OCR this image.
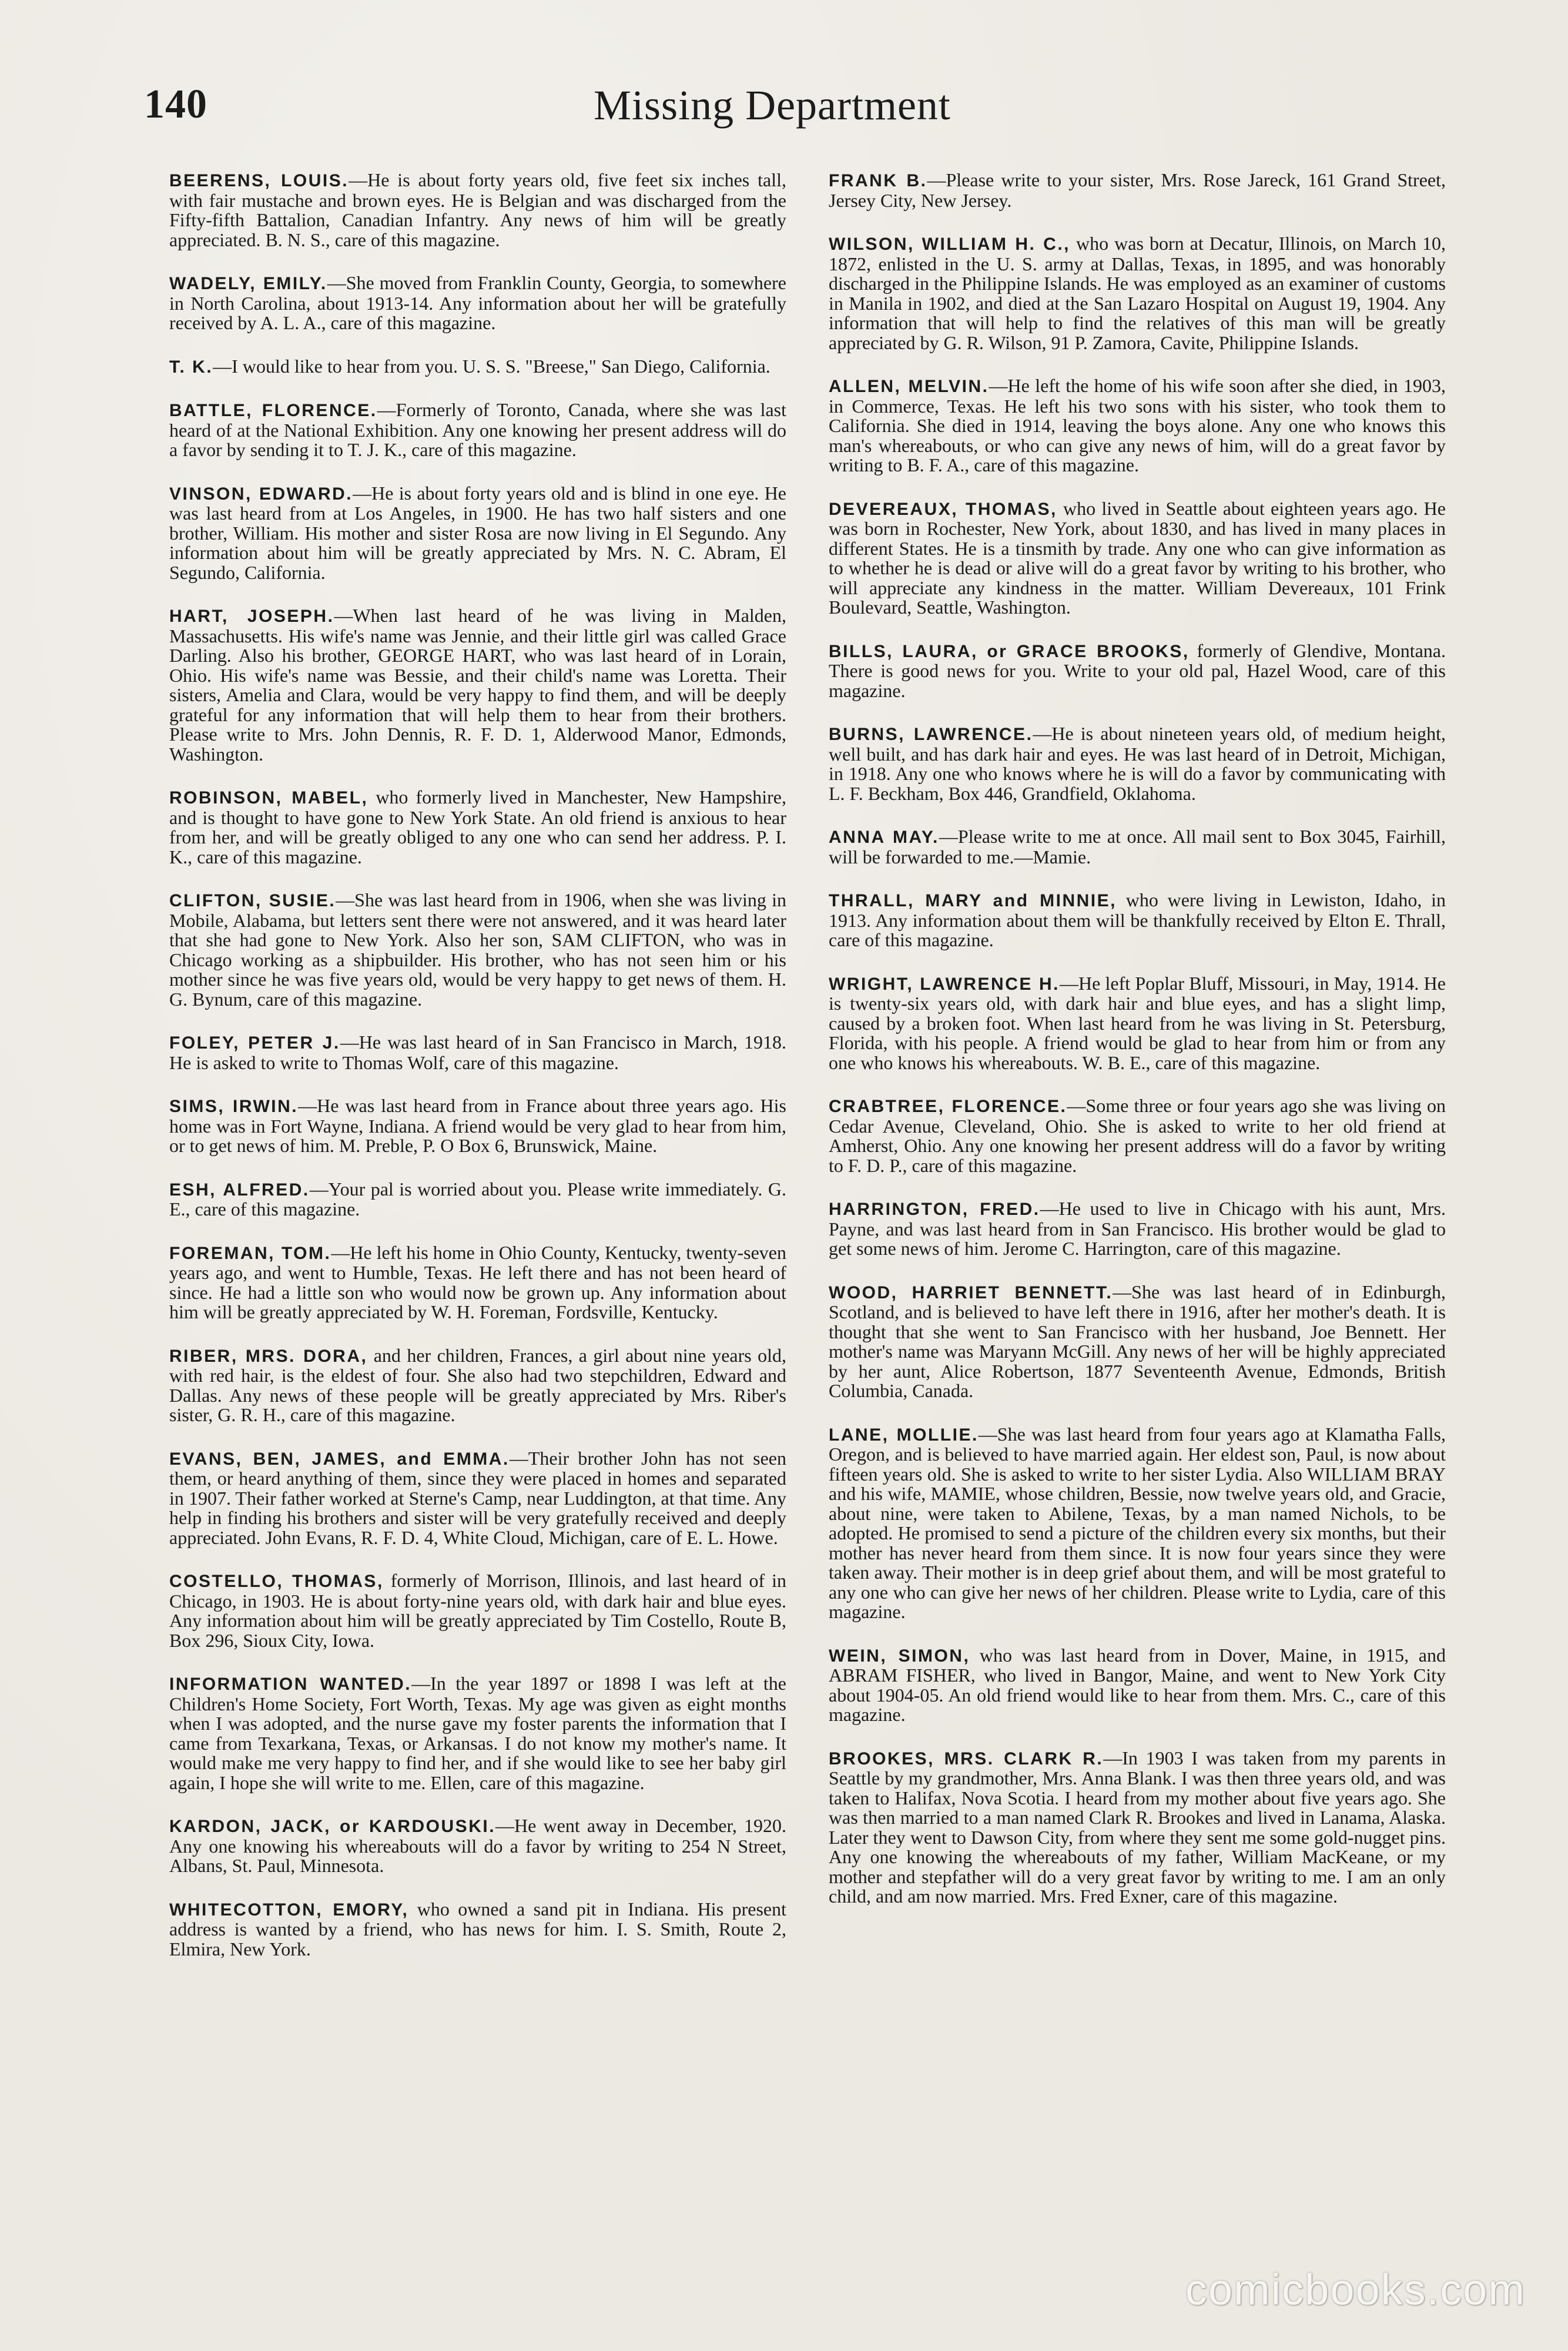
140	Missing Department

BEERENS, LOUIS.—He is about forty years old, five feet six inches tall, with fair mustache and brown eyes. He is Belgian and was discharged from the Fifty-fifth Battalion, Canadian Infantry. Any news of him will be greatly appreciated. B. N. S., care of this magazine.

WADELY, EMILY.—She moved from Franklin County, Georgia, to somewhere in North Carolina, about 1913-14. Any information about her will be gratefully received by A. L. A., care of this magazine.

T. K.—I would like to hear from you. U. S. S. "Breese," San Diego, California.

BATTLE, FLORENCE.—Formerly of Toronto, Canada, where she was last heard of at the National Exhibition. Any one knowing her present address will do a favor by sending it to T. J. K., care of this magazine.

VINSON, EDWARD.—He is about forty years old and is blind in one eye. He was last heard from at Los Angeles, in 1900. He has two half sisters and one brother, William. His mother and sister Rosa are now living in El Segundo. Any information about him will be greatly appreciated by Mrs. N. C. Abram, El Segundo, California.

HART, JOSEPH.—When last heard of he was living in Malden, Massachusetts. His wife's name was Jennie, and their little girl was called Grace Darling. Also his brother, GEORGE HART, who was last heard of in Lorain, Ohio. His wife's name was Bessie, and their child's name was Loretta. Their sisters, Amelia and Clara, would be very happy to find them, and will be deeply grateful for any information that will help them to hear from their brothers. Please write to Mrs. John Dennis, R. F. D. 1, Alderwood Manor, Edmonds, Washington.

ROBINSON, MABEL, who formerly lived in Manchester, New Hampshire, and is thought to have gone to New York State. An old friend is anxious to hear from her, and will be greatly obliged to any one who can send her address. P. I. K., care of this magazine.

CLIFTON, SUSIE.—She was last heard from in 1906, when she was living in Mobile, Alabama, but letters sent there were not answered, and it was heard later that she had gone to New York. Also her son, SAM CLIFTON, who was in Chicago working as a shipbuilder. His brother, who has not seen him or his mother since he was five years old, would be very happy to get news of them. H. G. Bynum, care of this magazine.

FOLEY, PETER J.—He was last heard of in San Francisco in March, 1918. He is asked to write to Thomas Wolf, care of this magazine.

SIMS, IRWIN.—He was last heard from in France about three years ago. His home was in Fort Wayne, Indiana. A friend would be very glad to hear from him, or to get news of him. M. Preble, P. O Box 6, Brunswick, Maine.

ESH, ALFRED.—Your pal is worried about you. Please write immediately. G. E., care of this magazine.

FOREMAN, TOM.—He left his home in Ohio County, Kentucky, twenty-seven years ago, and went to Humble, Texas. He left there and has not been heard of since. He had a little son who would now be grown up. Any information about him will be greatly appreciated by W. H. Foreman, Fordsville, Kentucky.

RIBER, MRS. DORA, and her children, Frances, a girl about nine years old, with red hair, is the eldest of four. She also had two stepchildren, Edward and Dallas. Any news of these people will be greatly appreciated by Mrs. Riber's sister, G. R. H., care of this magazine.

EVANS, BEN, JAMES, and EMMA.—Their brother John has not seen them, or heard anything of them, since they were placed in homes and separated in 1907. Their father worked at Sterne's Camp, near Luddington, at that time. Any help in finding his brothers and sister will be very gratefully received and deeply appreciated. John Evans, R. F. D. 4, White Cloud, Michigan, care of E. L. Howe.

COSTELLO, THOMAS, formerly of Morrison, Illinois, and last heard of in Chicago, in 1903. He is about forty-nine years old, with dark hair and blue eyes. Any information about him will be greatly appreciated by Tim Costello, Route B, Box 296, Sioux City, Iowa.

INFORMATION WANTED.—In the year 1897 or 1898 I was left at the Children's Home Society, Fort Worth, Texas. My age was given as eight months when I was adopted, and the nurse gave my foster parents the information that I came from Texarkana, Texas, or Arkansas. I do not know my mother's name. It would make me very happy to find her, and if she would like to see her baby girl again, I hope she will write to me. Ellen, care of this magazine.

KARDON, JACK, or KARDOUSKI.—He went away in December, 1920. Any one knowing his whereabouts will do a favor by writing to 254 N Street, Albans, St. Paul, Minnesota.

WHITECOTTON, EMORY, who owned a sand pit in Indiana. His present address is wanted by a friend, who has news for him. I. S. Smith, Route 2, Elmira, New York.

FRANK B.—Please write to your sister, Mrs. Rose Jareck, 161 Grand Street, Jersey City, New Jersey.

WILSON, WILLIAM H. C., who was born at Decatur, Illinois, on March 10, 1872, enlisted in the U. S. army at Dallas, Texas, in 1895, and was honorably discharged in the Philippine Islands. He was employed as an examiner of customs in Manila in 1902, and died at the San Lazaro Hospital on August 19, 1904. Any information that will help to find the relatives of this man will be greatly appreciated by G. R. Wilson, 91 P. Zamora, Cavite, Philippine Islands.

ALLEN, MELVIN.—He left the home of his wife soon after she died, in 1903, in Commerce, Texas. He left his two sons with his sister, who took them to California. She died in 1914, leaving the boys alone. Any one who knows this man's whereabouts, or who can give any news of him, will do a great favor by writing to B. F. A., care of this magazine.

DEVEREAUX, THOMAS, who lived in Seattle about eighteen years ago. He was born in Rochester, New York, about 1830, and has lived in many places in different States. He is a tinsmith by trade. Any one who can give information as to whether he is dead or alive will do a great favor by writing to his brother, who will appreciate any kindness in the matter. William Devereaux, 101 Frink Boulevard, Seattle, Washington.

BILLS, LAURA, or GRACE BROOKS, formerly of Glendive, Montana. There is good news for you. Write to your old pal, Hazel Wood, care of this magazine.

BURNS, LAWRENCE.—He is about nineteen years old, of medium height, well built, and has dark hair and eyes. He was last heard of in Detroit, Michigan, in 1918. Any one who knows where he is will do a favor by communicating with L. F. Beckham, Box 446, Grandfield, Oklahoma.

ANNA MAY.—Please write to me at once. All mail sent to Box 3045, Fairhill, will be forwarded to me.—Mamie.

THRALL, MARY and MINNIE, who were living in Lewiston, Idaho, in 1913. Any information about them will be thankfully received by Elton E. Thrall, care of this magazine.

WRIGHT, LAWRENCE H.—He left Poplar Bluff, Missouri, in May, 1914. He is twenty-six years old, with dark hair and blue eyes, and has a slight limp, caused by a broken foot. When last heard from he was living in St. Petersburg, Florida, with his people. A friend would be glad to hear from him or from any one who knows his whereabouts. W. B. E., care of this magazine.

CRABTREE, FLORENCE.—Some three or four years ago she was living on Cedar Avenue, Cleveland, Ohio. She is asked to write to her old friend at Amherst, Ohio. Any one knowing her present address will do a favor by writing to F. D. P., care of this magazine.

HARRINGTON, FRED.—He used to live in Chicago with his aunt, Mrs. Payne, and was last heard from in San Francisco. His brother would be glad to get some news of him. Jerome C. Harrington, care of this magazine.

WOOD, HARRIET BENNETT.—She was last heard of in Edinburgh, Scotland, and is believed to have left there in 1916, after her mother's death. It is thought that she went to San Francisco with her husband, Joe Bennett. Her mother's name was Maryann McGill. Any news of her will be highly appreciated by her aunt, Alice Robertson, 1877 Seventeenth Avenue, Edmonds, British Columbia, Canada.

LANE, MOLLIE.—She was last heard from four years ago at Klamatha Falls, Oregon, and is believed to have married again. Her eldest son, Paul, is now about fifteen years old. She is asked to write to her sister Lydia. Also WILLIAM BRAY and his wife, MAMIE, whose children, Bessie, now twelve years old, and Gracie, about nine, were taken to Abilene, Texas, by a man named Nichols, to be adopted. He promised to send a picture of the children every six months, but their mother has never heard from them since. It is now four years since they were taken away. Their mother is in deep grief about them, and will be most grateful to any one who can give her news of her children. Please write to Lydia, care of this magazine.

WEIN, SIMON, who was last heard from in Dover, Maine, in 1915, and ABRAM FISHER, who lived in Bangor, Maine, and went to New York City about 1904-05. An old friend would like to hear from them. Mrs. C., care of this magazine.

BROOKES, MRS. CLARK R.—In 1903 I was taken from my parents in Seattle by my grandmother, Mrs. Anna Blank. I was then three years old, and was taken to Halifax, Nova Scotia. I heard from my mother about five years ago. She was then married to a man named Clark R. Brookes and lived in Lanama, Alaska. Later they went to Dawson City, from where they sent me some gold-nugget pins. Any one knowing the whereabouts of my father, William MacKeane, or my mother and stepfather will do a very great favor by writing to me. I am an only child, and am now married. Mrs. Fred Exner, care of this magazine.

comicbooks.com
